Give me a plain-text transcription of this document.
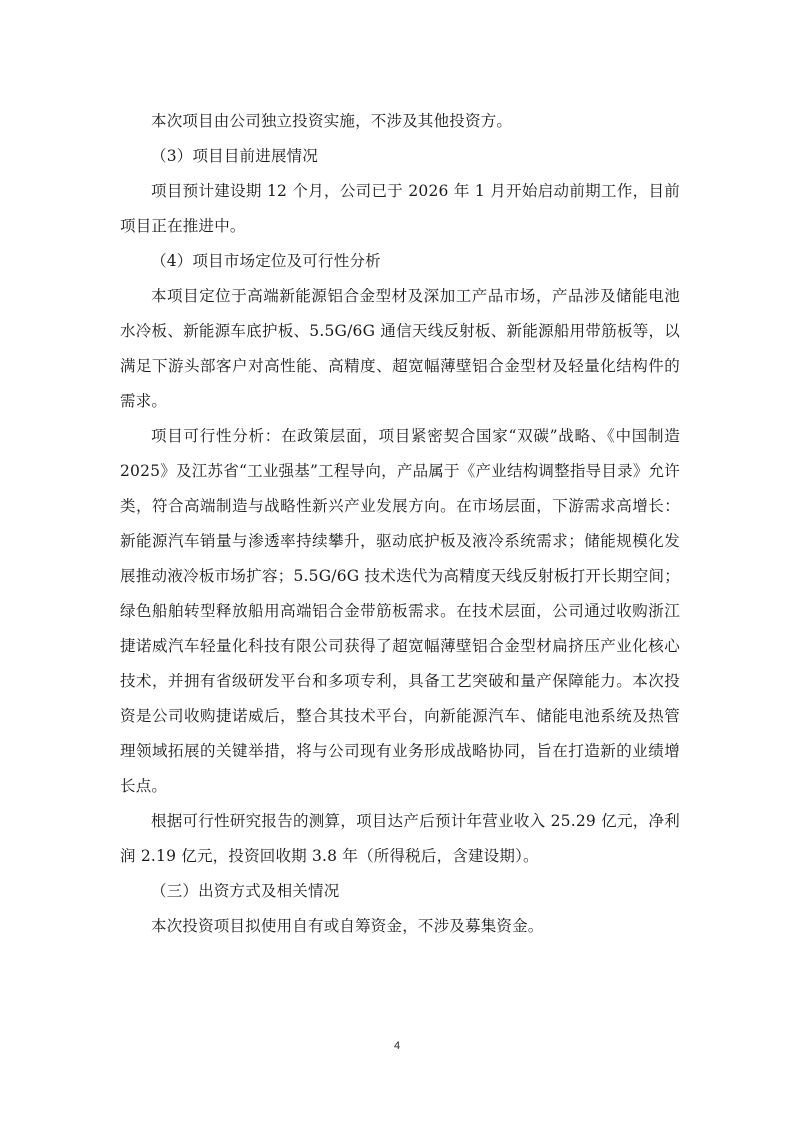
本次项目由公司独立投资实施，不涉及其他投资方。

（3）项目目前进展情况

项目预计建设期 12 个月，公司已于 2026 年 1 月开始启动前期工作，目前项目正在推进中。

（4）项目市场定位及可行性分析

本项目定位于高端新能源铝合金型材及深加工产品市场，产品涉及储能电池水冷板、新能源车底护板、5.5G/6G 通信天线反射板、新能源船用带筋板等，以满足下游头部客户对高性能、高精度、超宽幅薄壁铝合金型材及轻量化结构件的需求。

项目可行性分析：在政策层面，项目紧密契合国家“双碳”战略、《中国制造 2025》及江苏省“工业强基”工程导向，产品属于《产业结构调整指导目录》允许类，符合高端制造与战略性新兴产业发展方向。在市场层面，下游需求高增长：新能源汽车销量与渗透率持续攀升，驱动底护板及液冷系统需求；储能规模化发展推动液冷板市场扩容；5.5G/6G 技术迭代为高精度天线反射板打开长期空间；绿色船舶转型释放船用高端铝合金带筋板需求。在技术层面，公司通过收购浙江捷诺威汽车轻量化科技有限公司获得了超宽幅薄壁铝合金型材扁挤压产业化核心技术，并拥有省级研发平台和多项专利，具备工艺突破和量产保障能力。本次投资是公司收购捷诺威后，整合其技术平台，向新能源汽车、储能电池系统及热管理领域拓展的关键举措，将与公司现有业务形成战略协同，旨在打造新的业绩增长点。

根据可行性研究报告的测算，项目达产后预计年营业收入 25.29 亿元，净利润 2.19 亿元，投资回收期 3.8 年（所得税后，含建设期）。

（三）出资方式及相关情况

本次投资项目拟使用自有或自筹资金，不涉及募集资金。

4
